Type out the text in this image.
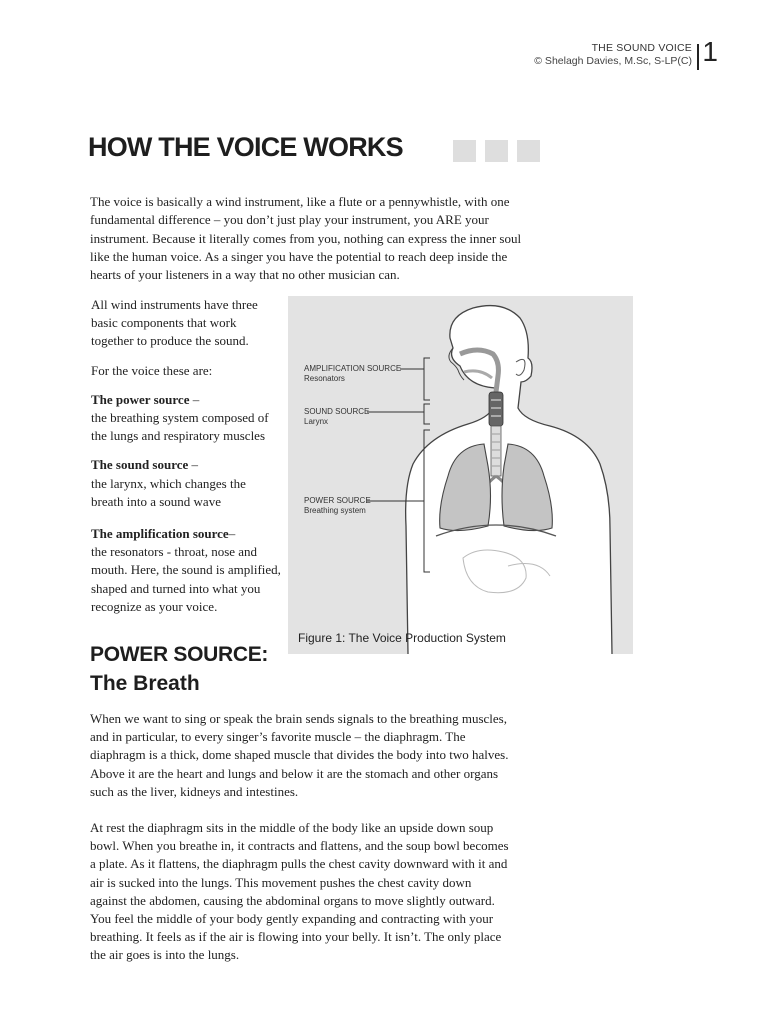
THE SOUND VOICE
© Shelagh Davies, M.Sc, S-LP(C) 1
HOW THE VOICE WORKS

The voice is basically a wind instrument, like a flute or a pennywhistle, with one fundamental difference – you don’t just play your instrument, you ARE your instrument. Because it literally comes from you, nothing can express the inner soul like the human voice. As a singer you have the potential to reach deep inside the hearts of your listeners in a way that no other musician can.

All wind instruments have three basic components that work together to produce the sound.

For the voice these are:

The power source –
the breathing system composed of the lungs and respiratory muscles

The sound source –
the larynx, which changes the breath into a sound wave

The amplification source–
the resonators - throat, nose and mouth. Here, the sound is amplified, shaped and turned into what you recognize as your voice.

AMPLIFICATION SOURCE
Resonators
SOUND SOURCE
Larynx
POWER SOURCE
Breathing system
Figure 1: The Voice Production System
POWER SOURCE:
The Breath

When we want to sing or speak the brain sends signals to the breathing muscles, and in particular, to every singer’s favorite muscle – the diaphragm. The diaphragm is a thick, dome shaped muscle that divides the body into two halves. Above it are the heart and lungs and below it are the stomach and other organs such as the liver, kidneys and intestines.

At rest the diaphragm sits in the middle of the body like an upside down soup bowl. When you breathe in, it contracts and flattens, and the soup bowl becomes a plate. As it flattens, the diaphragm pulls the chest cavity downward with it and air is sucked into the lungs. This movement pushes the chest cavity down against the abdomen, causing the abdominal organs to move slightly outward. You feel the middle of your body gently expanding and contracting with your breathing. It feels as if the air is flowing into your belly. It isn’t. The only place the air goes is into the lungs.
